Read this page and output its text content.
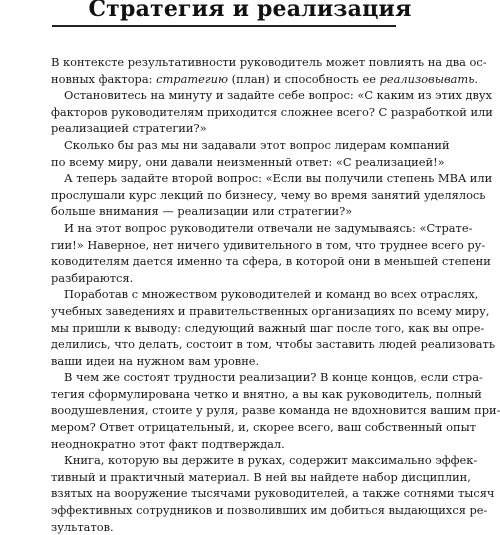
Стратегия и реализация
В контексте результативности руководитель может повлиять на два ос-
новных фактора: стратегию (план) и способность ее реализовывать.
Остановитесь на минуту и задайте себе вопрос: «С каким из этих двух
факторов руководителям приходится сложнее всего? С разработкой или
реализацией стратегии?»
Сколько бы раз мы ни задавали этот вопрос лидерам компаний
по всему миру, они давали неизменный ответ: «С реализацией!»
А теперь задайте второй вопрос: «Если вы получили степень MBA или
прослушали курс лекций по бизнесу, чему во время занятий уделялось
больше внимания — реализации или стратегии?»
И на этот вопрос руководители отвечали не задумываясь: «Страте-
гии!» Наверное, нет ничего удивительного в том, что труднее всего ру-
ководителям дается именно та сфера, в которой они в меньшей степени
разбираются.
Поработав с множеством руководителей и команд во всех отраслях,
учебных заведениях и правительственных организациях по всему миру,
мы пришли к выводу: следующий важный шаг после того, как вы опре-
делились, что делать, состоит в том, чтобы заставить людей реализовать
ваши идеи на нужном вам уровне.
В чем же состоят трудности реализации? В конце концов, если стра-
тегия сформулирована четко и внятно, а вы как руководитель, полный
воодушевления, стоите у руля, разве команда не вдохновится вашим при-
мером? Ответ отрицательный, и, скорее всего, ваш собственный опыт
неоднократно этот факт подтверждал.
Книга, которую вы держите в руках, содержит максимально эффек-
тивный и практичный материал. В ней вы найдете набор дисциплин,
взятых на вооружение тысячами руководителей, а также сотнями тысяч
эффективных сотрудников и позволивших им добиться выдающихся ре-
зультатов.
